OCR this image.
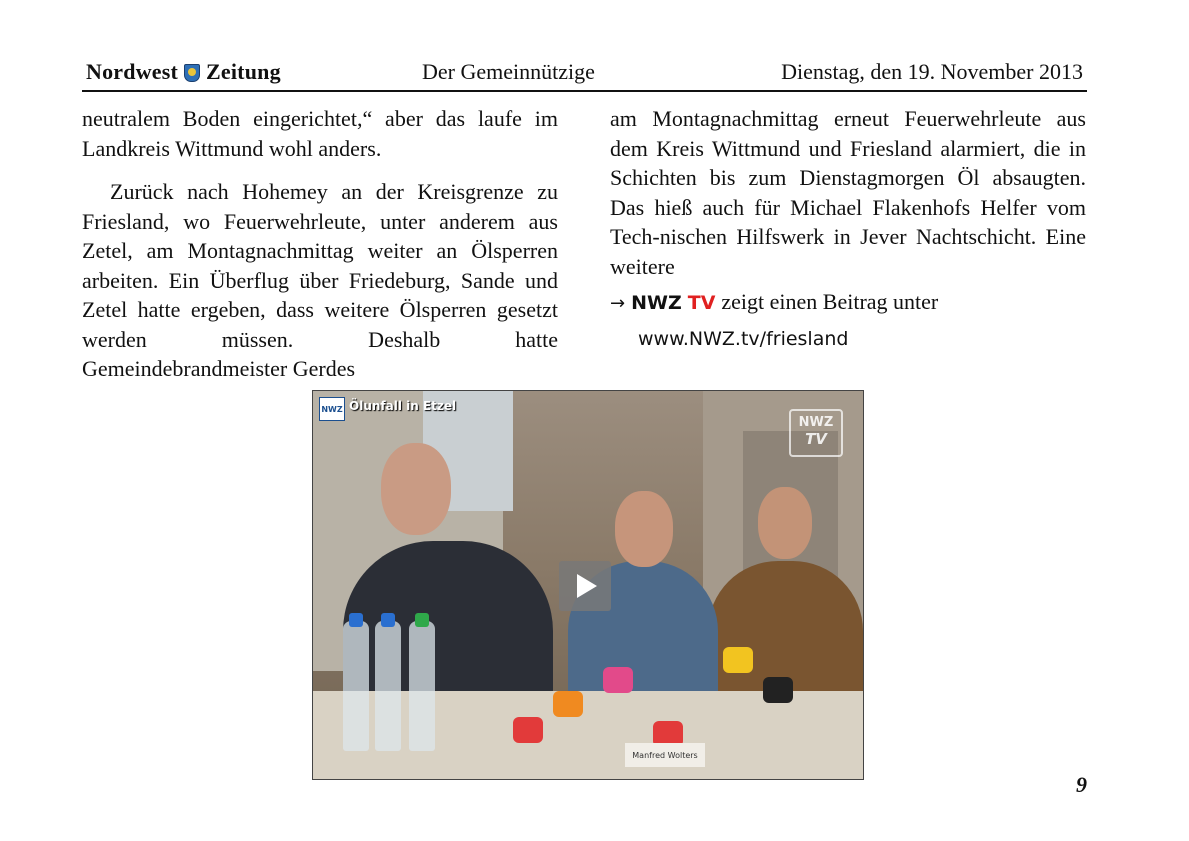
Nordwest Zeitung	Der Gemeinnützige	Dienstag, den 19. November 2013

neutralem Boden eingerichtet,“ aber das laufe im Landkreis Wittmund wohl anders.

Zurück nach Hohemey an der Kreisgrenze zu Friesland, wo Feuerwehrleute, unter anderem aus Zetel, am Montagnachmittag weiter an Ölsperren arbeiten. Ein Überflug über Friedeburg, Sande und Zetel hatte ergeben, dass weitere Ölsperren gesetzt werden müssen. Deshalb hatte Gemeindebrandmeister Gerdes

am Montagnachmittag erneut Feuerwehrleute aus dem Kreis Wittmund und Friesland alarmiert, die in Schichten bis zum Dienstagmorgen Öl absaugten. Das hieß auch für Michael Flakenhofs Helfer vom Tech-nischen Hilfswerk in Jever Nachtschicht. Eine weitere

→ NWZ TV zeigt einen Beitrag unter
www.NWZ.tv/friesland
Manfred Wolters
NWZ Ölunfall in Etzel
NWZ
TV
9
